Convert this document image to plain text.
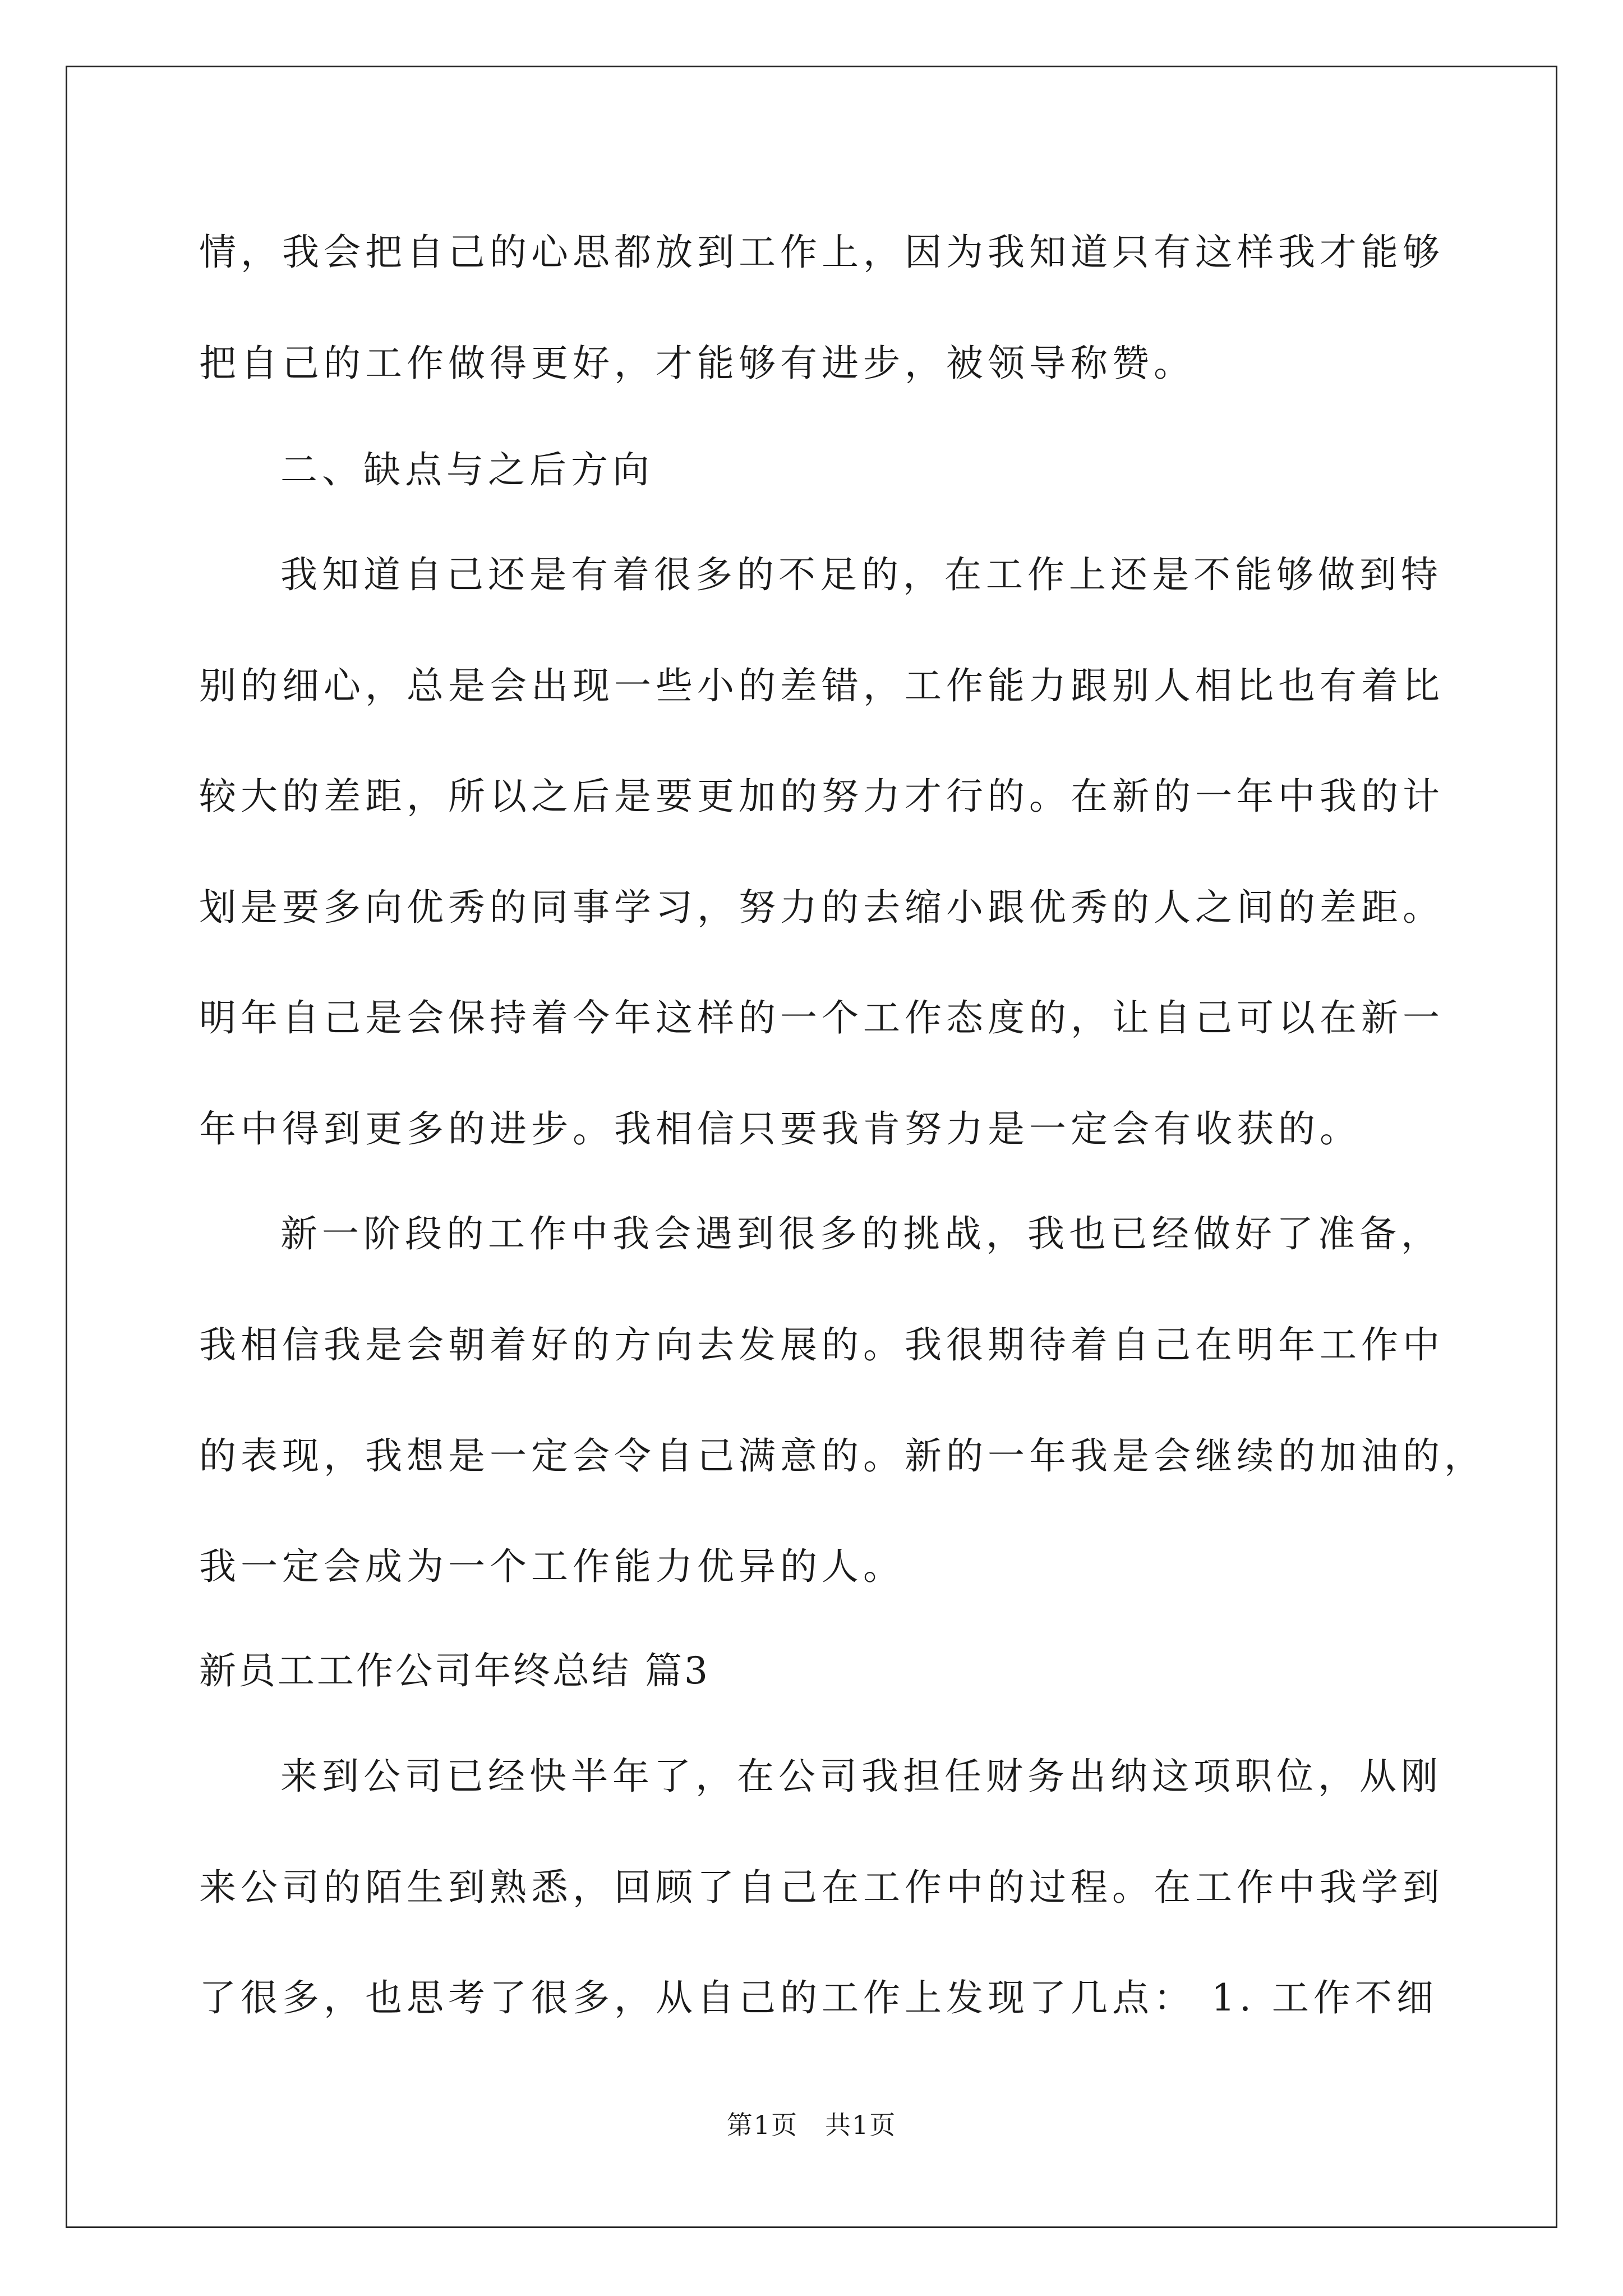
情，我会把自己的心思都放到工作上，因为我知道只有这样我才能够
把自己的工作做得更好，才能够有进步，被领导称赞。
二、缺点与之后方向
我知道自己还是有着很多的不足的，在工作上还是不能够做到特
别的细心，总是会出现一些小的差错，工作能力跟别人相比也有着比
较大的差距，所以之后是要更加的努力才行的。在新的一年中我的计
划是要多向优秀的同事学习，努力的去缩小跟优秀的人之间的差距。
明年自己是会保持着今年这样的一个工作态度的，让自己可以在新一
年中得到更多的进步。我相信只要我肯努力是一定会有收获的。
新一阶段的工作中我会遇到很多的挑战，我也已经做好了准备，
我相信我是会朝着好的方向去发展的。我很期待着自己在明年工作中
的表现，我想是一定会令自己满意的。新的一年我是会继续的加油的，
我一定会成为一个工作能力优异的人。
新员工工作公司年终总结 篇3
来到公司已经快半年了，在公司我担任财务出纳这项职位，从刚
来公司的陌生到熟悉，回顾了自己在工作中的过程。在工作中我学到
了很多，也思考了很多，从自己的工作上发现了几点： 1. 工作不细
第1页　共1页
